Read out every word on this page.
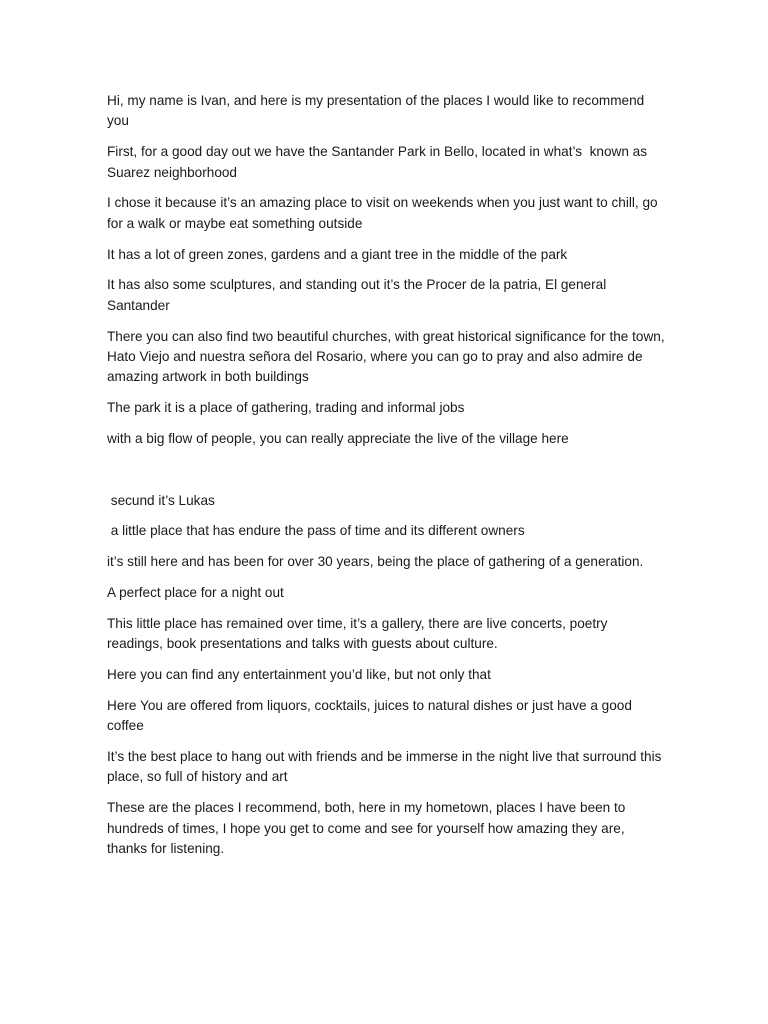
Hi, my name is Ivan, and here is my presentation of the places I would like to recommend you

First, for a good day out we have the Santander Park in Bello, located in what’s  known as Suarez neighborhood

I chose it because it’s an amazing place to visit on weekends when you just want to chill, go for a walk or maybe eat something outside

It has a lot of green zones, gardens and a giant tree in the middle of the park

It has also some sculptures, and standing out it’s the Procer de la patria, El general Santander

There you can also find two beautiful churches, with great historical significance for the town, Hato Viejo and nuestra señora del Rosario, where you can go to pray and also admire de amazing artwork in both buildings

The park it is a place of gathering, trading and informal jobs

with a big flow of people, you can really appreciate the live of the village here

secund it’s Lukas

a little place that has endure the pass of time and its different owners

it’s still here and has been for over 30 years, being the place of gathering of a generation.

A perfect place for a night out

This little place has remained over time, it’s a gallery, there are live concerts, poetry readings, book presentations and talks with guests about culture.

Here you can find any entertainment you’d like, but not only that

Here You are offered from liquors, cocktails, juices to natural dishes or just have a good coffee

It’s the best place to hang out with friends and be immerse in the night live that surround this place, so full of history and art

These are the places I recommend, both, here in my hometown, places I have been to hundreds of times, I hope you get to come and see for yourself how amazing they are, thanks for listening.
